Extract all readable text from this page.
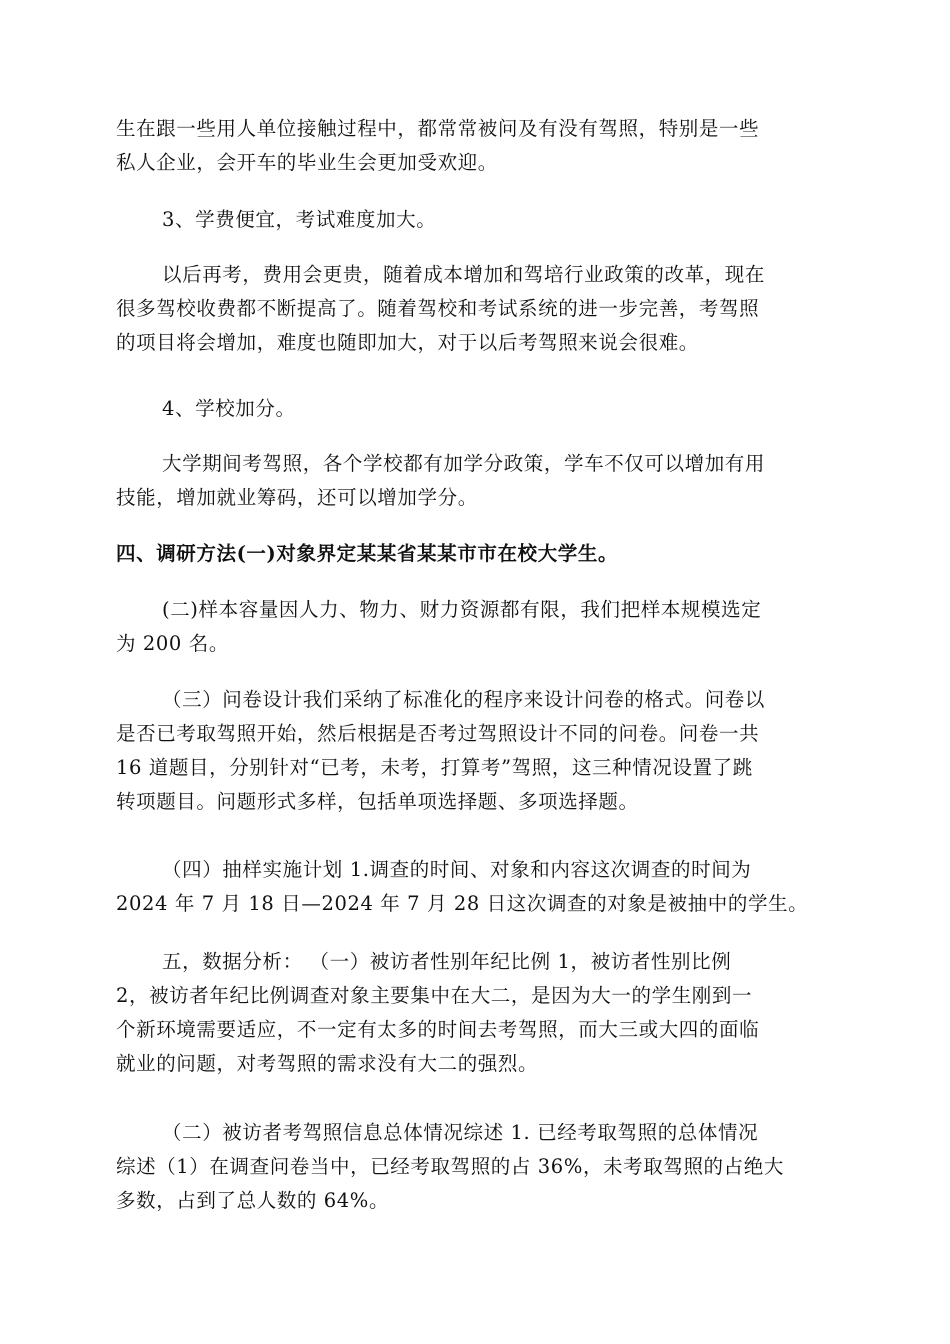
生在跟一些用人单位接触过程中，都常常被问及有没有驾照，特别是一些
私人企业，会开车的毕业生会更加受欢迎。

3、学费便宜，考试难度加大。

以后再考，费用会更贵，随着成本增加和驾培行业政策的改革，现在
很多驾校收费都不断提高了。随着驾校和考试系统的进一步完善，考驾照
的项目将会增加，难度也随即加大，对于以后考驾照来说会很难。

4、学校加分。

大学期间考驾照，各个学校都有加学分政策，学车不仅可以增加有用
技能，增加就业筹码，还可以增加学分。

四、调研方法(一)对象界定某某省某某市市在校大学生。

(二)样本容量因人力、物力、财力资源都有限，我们把样本规模选定
为 200 名。

（三）问卷设计我们采纳了标准化的程序来设计问卷的格式。问卷以
是否已考取驾照开始，然后根据是否考过驾照设计不同的问卷。问卷一共
16 道题目，分别针对“已考，未考，打算考”驾照，这三种情况设置了跳
转项题目。问题形式多样，包括单项选择题、多项选择题。

（四）抽样实施计划 1.调查的时间、对象和内容这次调查的时间为
2024 年 7 月 18 日—2024 年 7 月 28 日这次调查的对象是被抽中的学生。

五，数据分析： （一）被访者性别年纪比例 1，被访者性别比例
2，被访者年纪比例调查对象主要集中在大二，是因为大一的学生刚到一
个新环境需要适应，不一定有太多的时间去考驾照，而大三或大四的面临
就业的问题，对考驾照的需求没有大二的强烈。

（二）被访者考驾照信息总体情况综述 1. 已经考取驾照的总体情况
综述（1）在调查问卷当中，已经考取驾照的占 36%，未考取驾照的占绝大
多数，占到了总人数的 64%。
